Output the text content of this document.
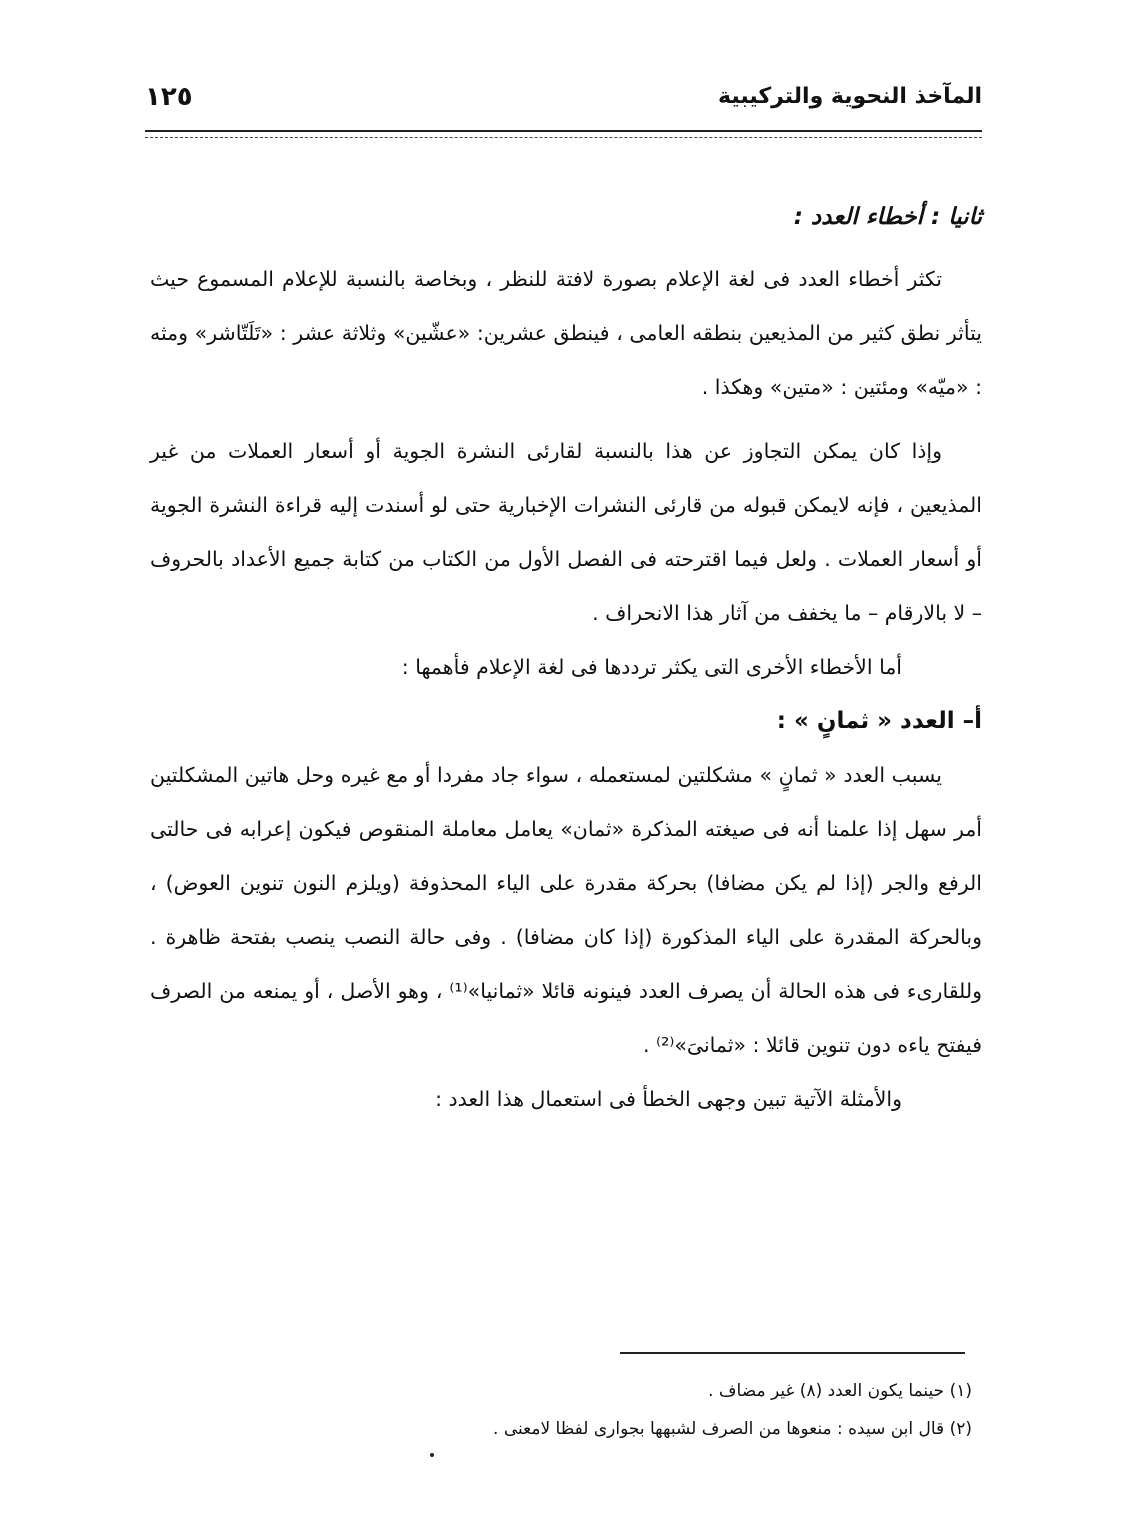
المآخذ النحوية والتركيبية
١٢٥

ثانيا : أخطاء العدد :

تكثر أخطاء العدد فى لغة الإعلام بصورة لافتة للنظر ، وبخاصة بالنسبة للإعلام المسموع حيث يتأثر نطق كثير من المذيعين بنطقه العامى ، فينطق عشرين: «عشّين» وثلاثة عشر : «تَلَتّاشر» ومثه : «ميّه» ومئتين : «متين» وهكذا .

وإذا كان يمكن التجاوز عن هذا بالنسبة لقارئى النشرة الجوية أو أسعار العملات من غير المذيعين ، فإنه لايمكن قبوله من قارئى النشرات الإخبارية حتى لو أسندت إليه قراءة النشرة الجوية أو أسعار العملات . ولعل فيما اقترحته فى الفصل الأول من الكتاب من كتابة جميع الأعداد بالحروف – لا بالارقام – ما يخفف من آثار هذا الانحراف .

أما الأخطاء الأخرى التى يكثر ترددها فى لغة الإعلام فأهمها :

أ– العدد « ثمانٍ » :

يسبب العدد « ثمانٍ » مشكلتين لمستعمله ، سواء جاد مفردا أو مع غيره وحل هاتين المشكلتين أمر سهل إذا علمنا أنه فى صيغته المذكرة «ثمان» يعامل معاملة المنقوص فيكون إعرابه فى حالتى الرفع والجر (إذا لم يكن مضافا) بحركة مقدرة على الياء المحذوفة (ويلزم النون تنوين العوض) ، وبالحركة المقدرة على الياء المذكورة (إذا كان مضافا) . وفى حالة النصب ينصب بفتحة ظاهرة . وللقارىء فى هذه الحالة أن يصرف العدد فينونه قائلا «ثمانيا»⁽¹⁾ ، وهو الأصل ، أو يمنعه من الصرف فيفتح ياءه دون تنوين قائلا : «ثمانىَ»⁽²⁾ .

والأمثلة الآتية تبين وجهى الخطأ فى استعمال هذا العدد :

(١) حينما يكون العدد (٨) غير مضاف .

(٢) قال ابن سيده : منعوها من الصرف لشبهها بجوارى لفظا لامعنى .
